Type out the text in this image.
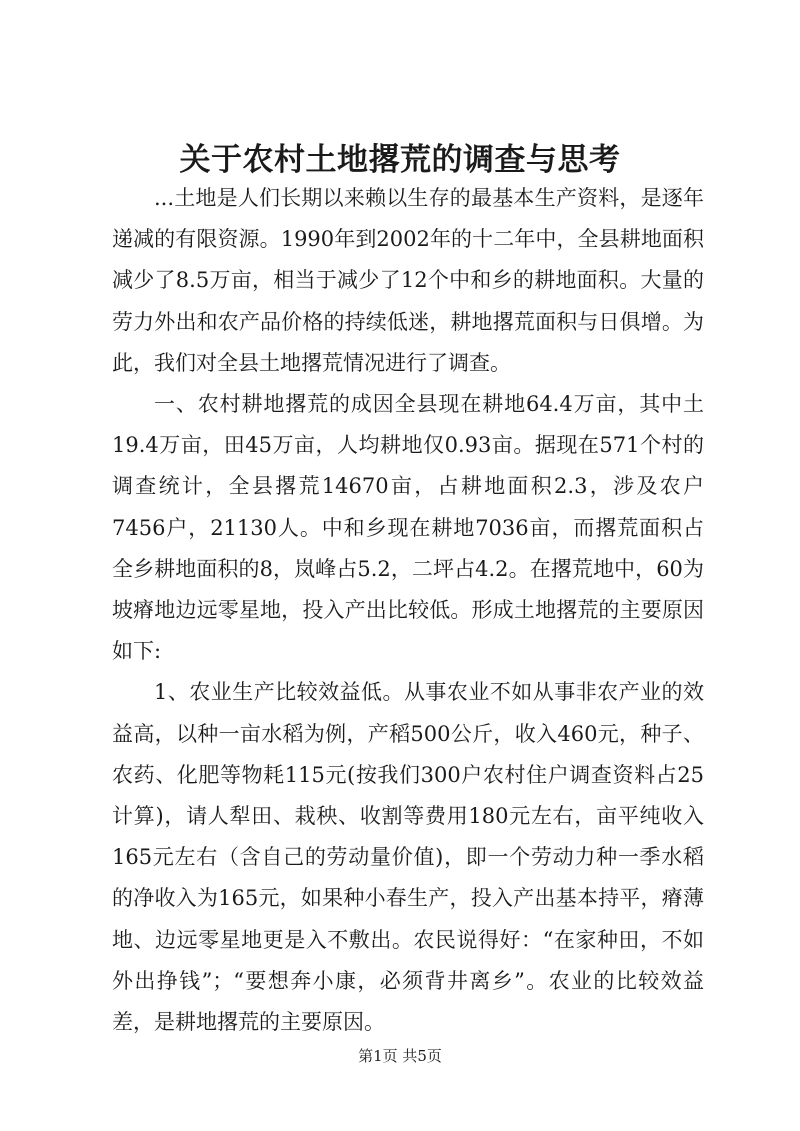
关于农村土地撂荒的调查与思考

...土地是人们长期以来赖以生存的最基本生产资料，是逐年递减的有限资源。1990年到2002年的十二年中，全县耕地面积减少了8.5万亩，相当于减少了12个中和乡的耕地面积。大量的劳力外出和农产品价格的持续低迷，耕地撂荒面积与日俱增。为此，我们对全县土地撂荒情况进行了调查。

一、农村耕地撂荒的成因全县现在耕地64.4万亩，其中土19.4万亩，田45万亩，人均耕地仅0.93亩。据现在571个村的调查统计，全县撂荒14670亩，占耕地面积2.3，涉及农户7456户，21130人。中和乡现在耕地7036亩，而撂荒面积占全乡耕地面积的8，岚峰占5.2，二坪占4.2。在撂荒地中，60为坡瘠地边远零星地，投入产出比较低。形成土地撂荒的主要原因如下:

1、农业生产比较效益低。从事农业不如从事非农产业的效益高，以种一亩水稻为例，产稻500公斤，收入460元，种子、农药、化肥等物耗115元(按我们300户农村住户调查资料占25计算)，请人犁田、栽秧、收割等费用180元左右，亩平纯收入165元左右（含自己的劳动量价值)，即一个劳动力种一季水稻的净收入为165元，如果种小春生产，投入产出基本持平，瘠薄地、边远零星地更是入不敷出。农民说得好：“在家种田，不如外出挣钱”；“要想奔小康，必须背井离乡”。农业的比较效益差，是耕地撂荒的主要原因。

第1页 共5页
